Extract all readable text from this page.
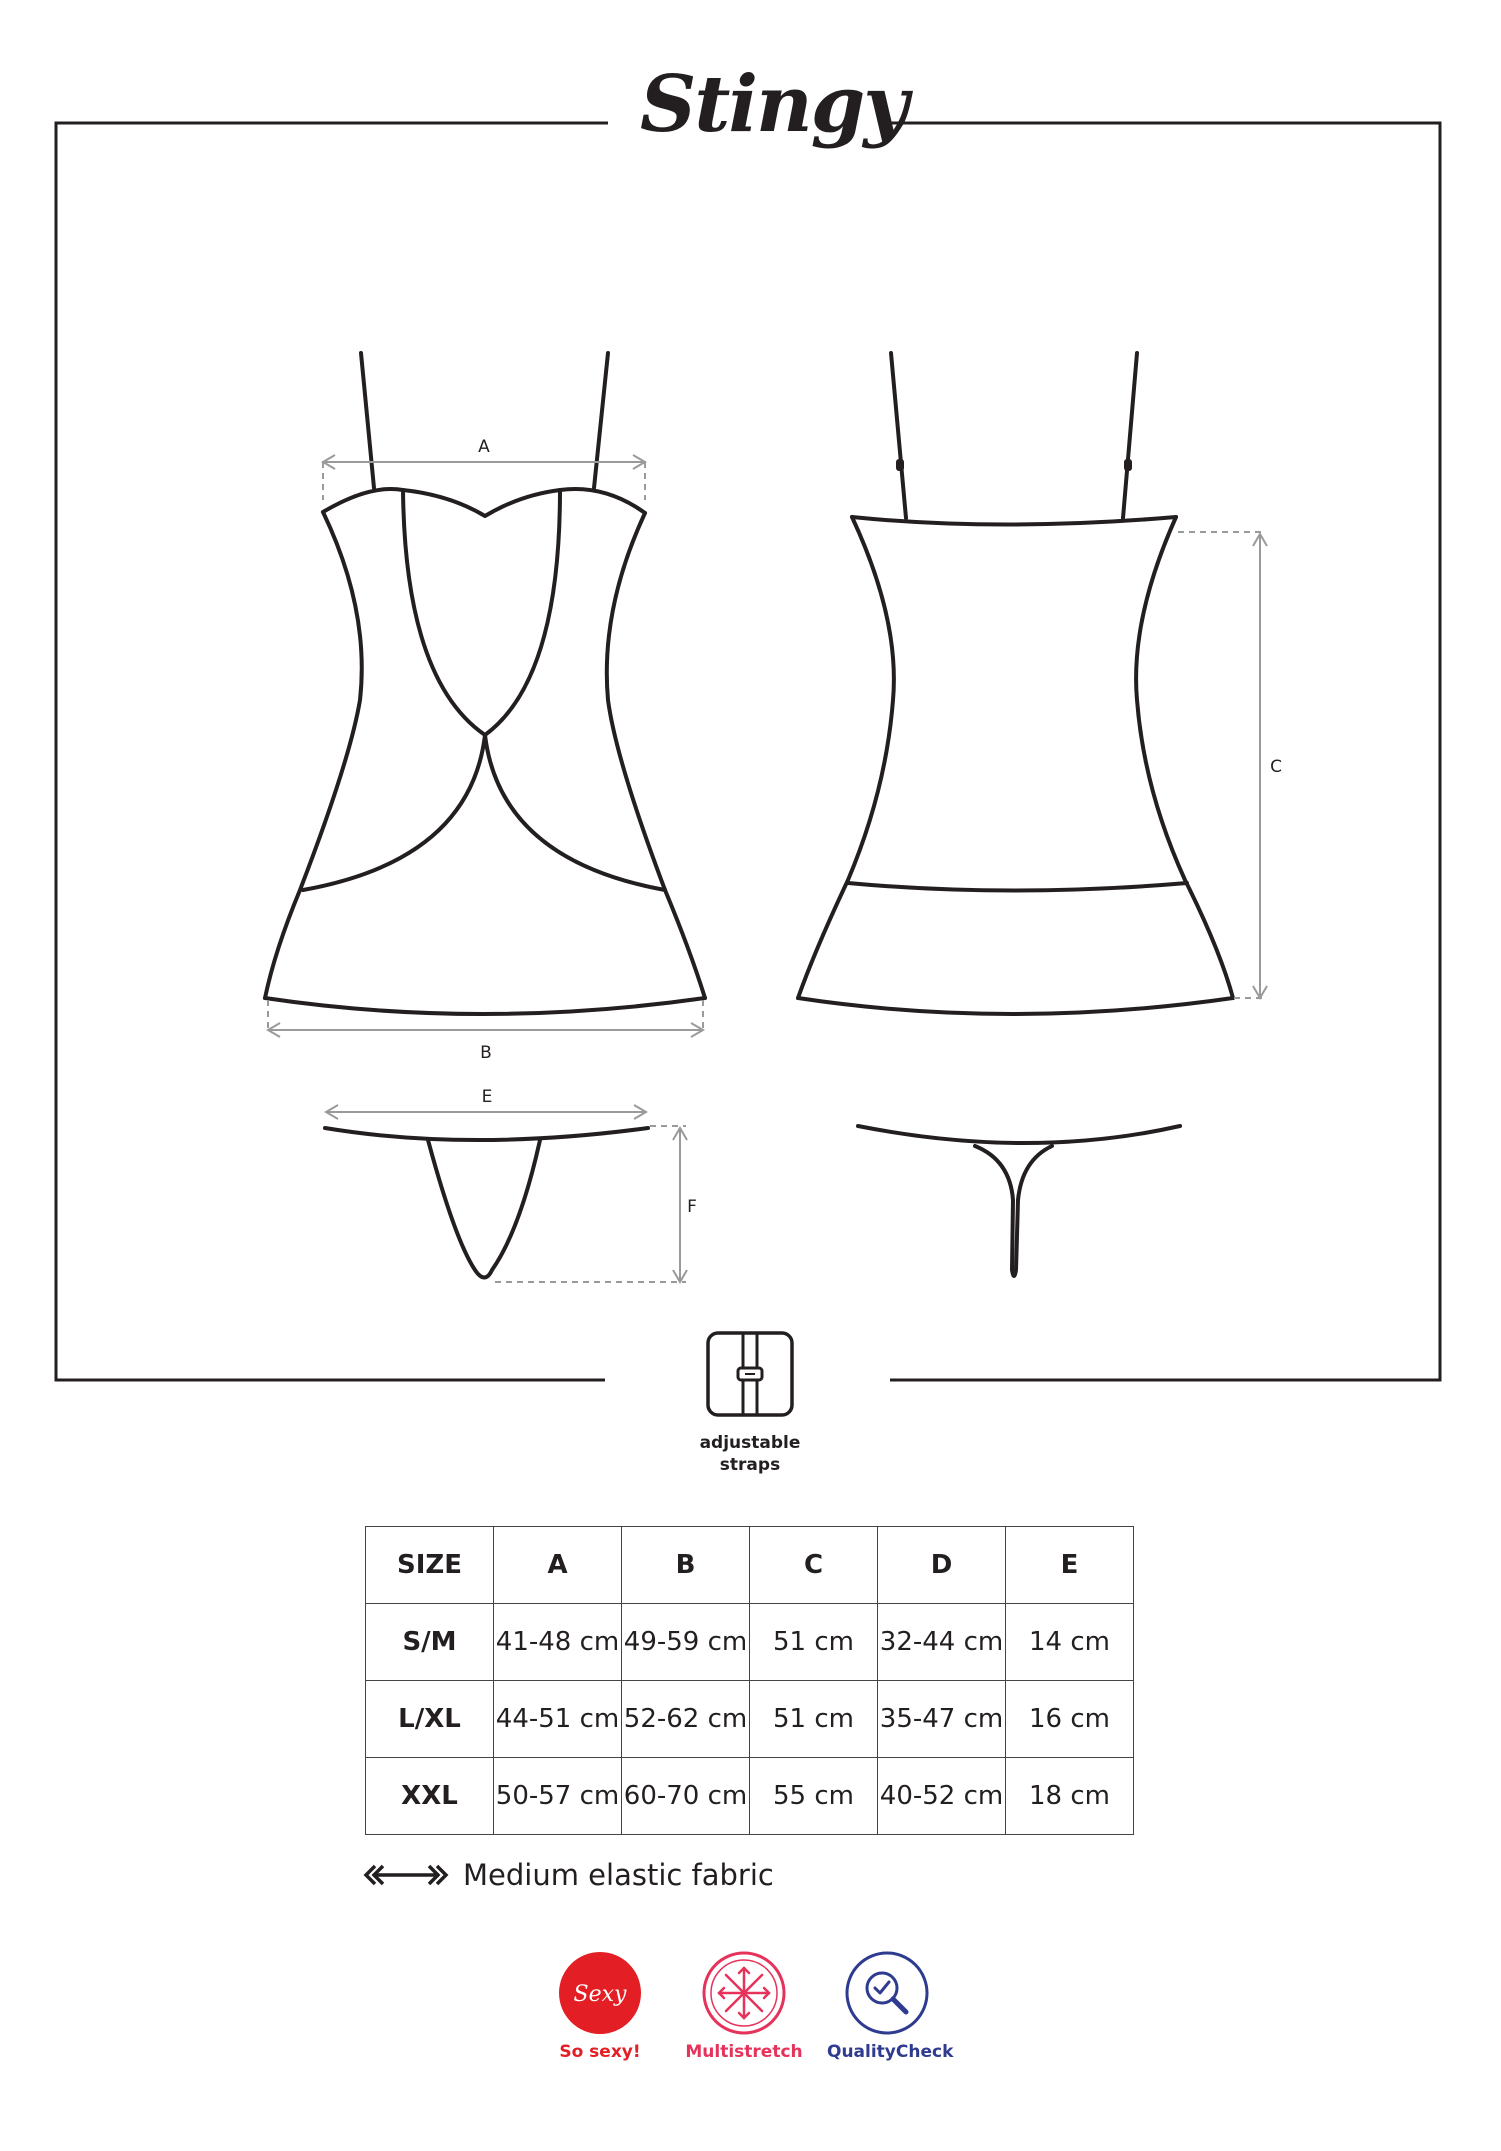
A
B
C
E
F
Stingy
adjustable
straps
SIZE	A	B	C	D	E
S/M	41-48 cm	49-59 cm	51 cm	32-44 cm	14 cm
L/XL	44-51 cm	52-62 cm	51 cm	35-47 cm	16 cm
XXL	50-57 cm	60-70 cm	55 cm	40-52 cm	18 cm
Medium elastic fabric
Sexy
So sexy!	Multistretch QualityCheck
